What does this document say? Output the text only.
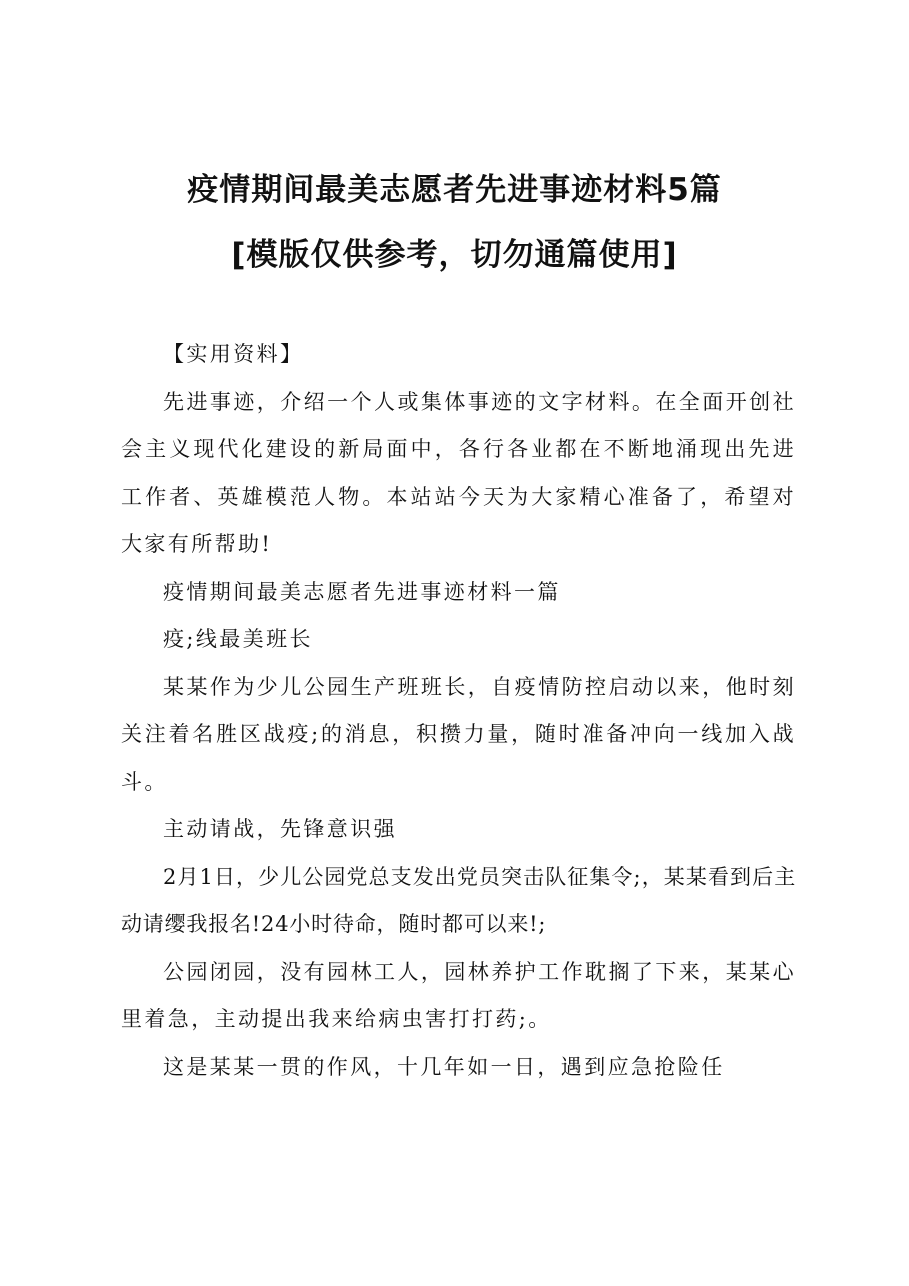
疫情期间最美志愿者先进事迹材料5篇
[模版仅供参考，切勿通篇使用]

【实用资料】

先进事迹，介绍一个人或集体事迹的文字材料。在全面开创社会主义现代化建设的新局面中，各行各业都在不断地涌现出先进工作者、英雄模范人物。本站站今天为大家精心准备了，希望对大家有所帮助!

疫情期间最美志愿者先进事迹材料一篇

疫;线最美班长

某某作为少儿公园生产班班长，自疫情防控启动以来，他时刻关注着名胜区战疫;的消息，积攒力量，随时准备冲向一线加入战斗。

主动请战，先锋意识强

2月1日，少儿公园党总支发出党员突击队征集令;，某某看到后主动请缨我报名!24小时待命，随时都可以来!;

公园闭园，没有园林工人，园林养护工作耽搁了下来，某某心里着急，主动提出我来给病虫害打打药;。

这是某某一贯的作风，十几年如一日，遇到应急抢险任
